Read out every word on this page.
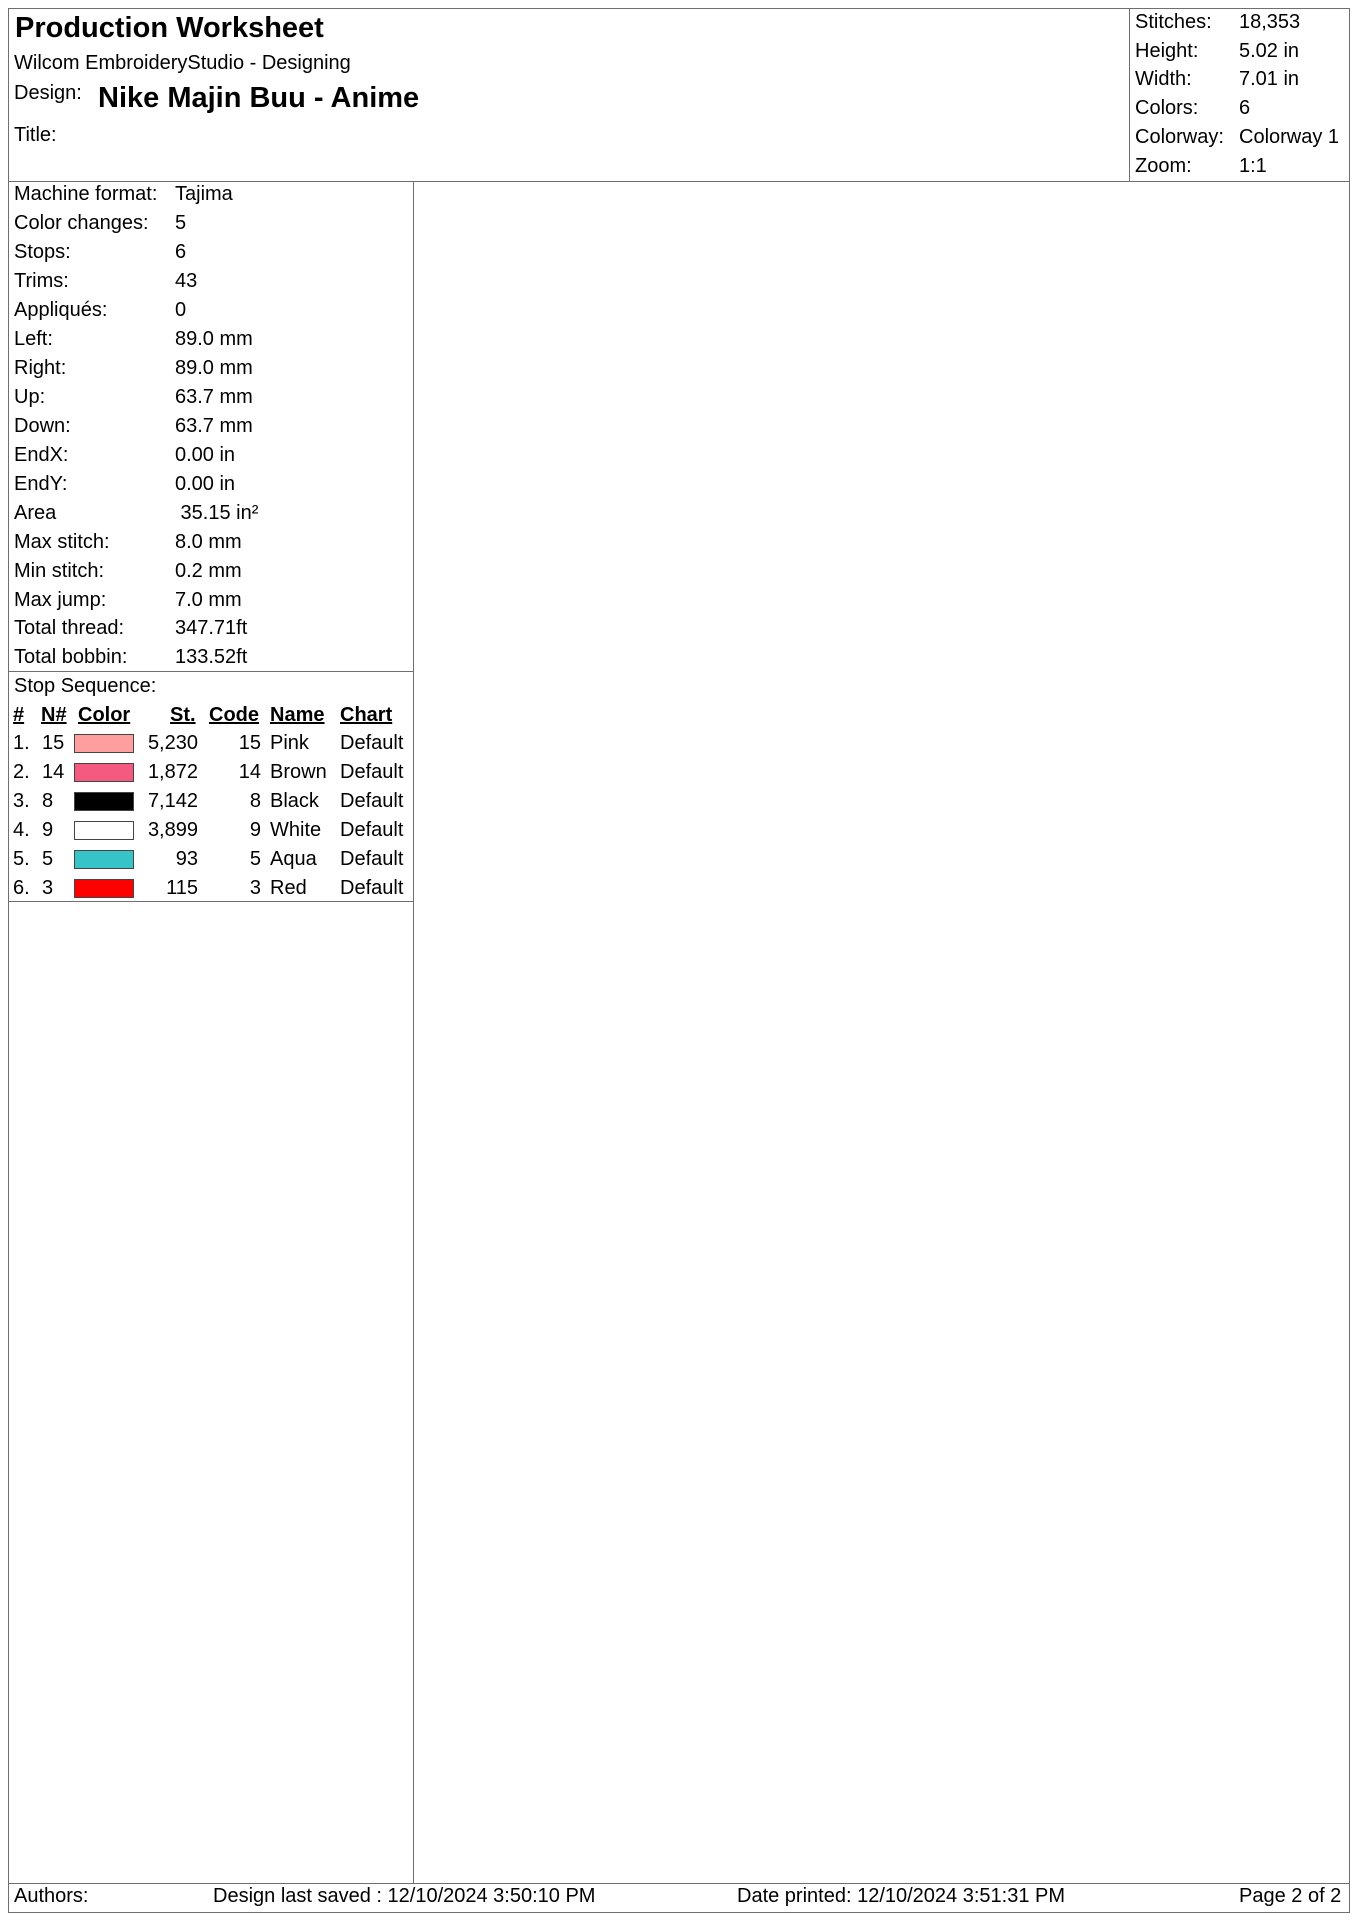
Production Worksheet
Wilcom EmbroideryStudio - Designing
Design: Nike Majin Buu - Anime
Title:
Stitches: 18,353
Height: 5.02 in
Width: 7.01 in
Colors: 6
Colorway: Colorway 1
Zoom: 1:1
Machine format: Tajima
Color changes: 5
Stops:	6
Trims:	43
Appliqués:	0
Left:	89.0 mm
Right:	89.0 mm
Up:	63.7 mm
Down:	63.7 mm
EndX:	0.00 in
EndY:	0.00 in
Area	35.15 in²
Max stitch:	8.0 mm
Min stitch:	0.2 mm
Max jump:	7.0 mm
Total thread:	347.71ft
Total bobbin: 133.52ft
Stop Sequence:
# N# Color St. Code Name Chart
1. 15	5,230	15 Pink Default
2. 14	1,872	14 Brown Default
3. 8	7,142	8 Black Default
4. 9	3,899	9 White Default
5. 5	93	5 Aqua Default
6. 3	115	3 Red Default
Authors:	Design last saved : 12/10/2024 3:50:10 PM	Date printed: 12/10/2024 3:51:31 PM	Page 2 of 2
